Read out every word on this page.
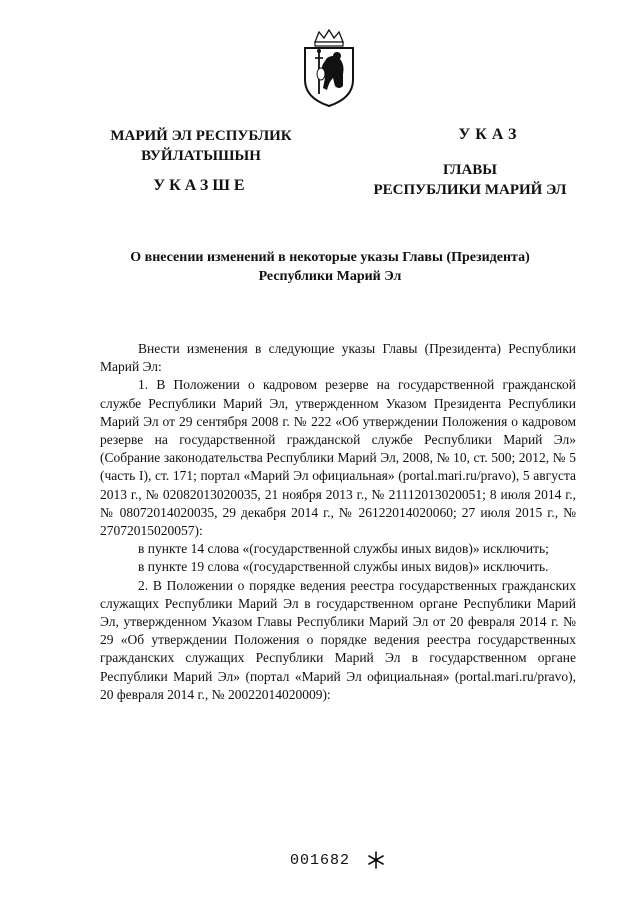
МАРИЙ ЭЛ РЕСПУБЛИК
ВУЙЛАТЫШЫН
УКАЗШЕ
УКАЗ
ГЛАВЫ
РЕСПУБЛИКИ МАРИЙ ЭЛ
О внесении изменений в некоторые указы Главы (Президента)
Республики Марий Эл

Внести изменения в следующие указы Главы (Президента) Республики Марий Эл:

1. В Положении о кадровом резерве на государственной гражданской службе Республики Марий Эл, утвержденном Указом Президента Республики Марий Эл от 29 сентября 2008 г. № 222 «Об утверждении Положения о кадровом резерве на государственной гражданской службе Республики Марий Эл» (Собрание законодательства Республики Марий Эл, 2008, № 10, ст. 500; 2012, № 5 (часть I), ст. 171; портал «Марий Эл официальная» (portal.mari.ru/pravo), 5 августа 2013 г., № 02082013020035, 21 ноября 2013 г., № 21112013020051; 8 июля 2014 г., № 08072014020035, 29 декабря 2014 г., № 26122014020060; 27 июля 2015 г., № 27072015020057):

в пункте 14 слова «(государственной службы иных видов)» исключить;

в пункте 19 слова «(государственной службы иных видов)» исключить.

2. В Положении о порядке ведения реестра государственных гражданских служащих Республики Марий Эл в государственном органе Республики Марий Эл, утвержденном Указом Главы Республики Марий Эл от 20 февраля 2014 г. № 29 «Об утверждении Положения о порядке ведения реестра государственных гражданских служащих Республики Марий Эл в государственном органе Республики Марий Эл» (портал «Марий Эл официальная» (portal.mari.ru/pravo), 20 февраля 2014 г., № 20022014020009):

001682
